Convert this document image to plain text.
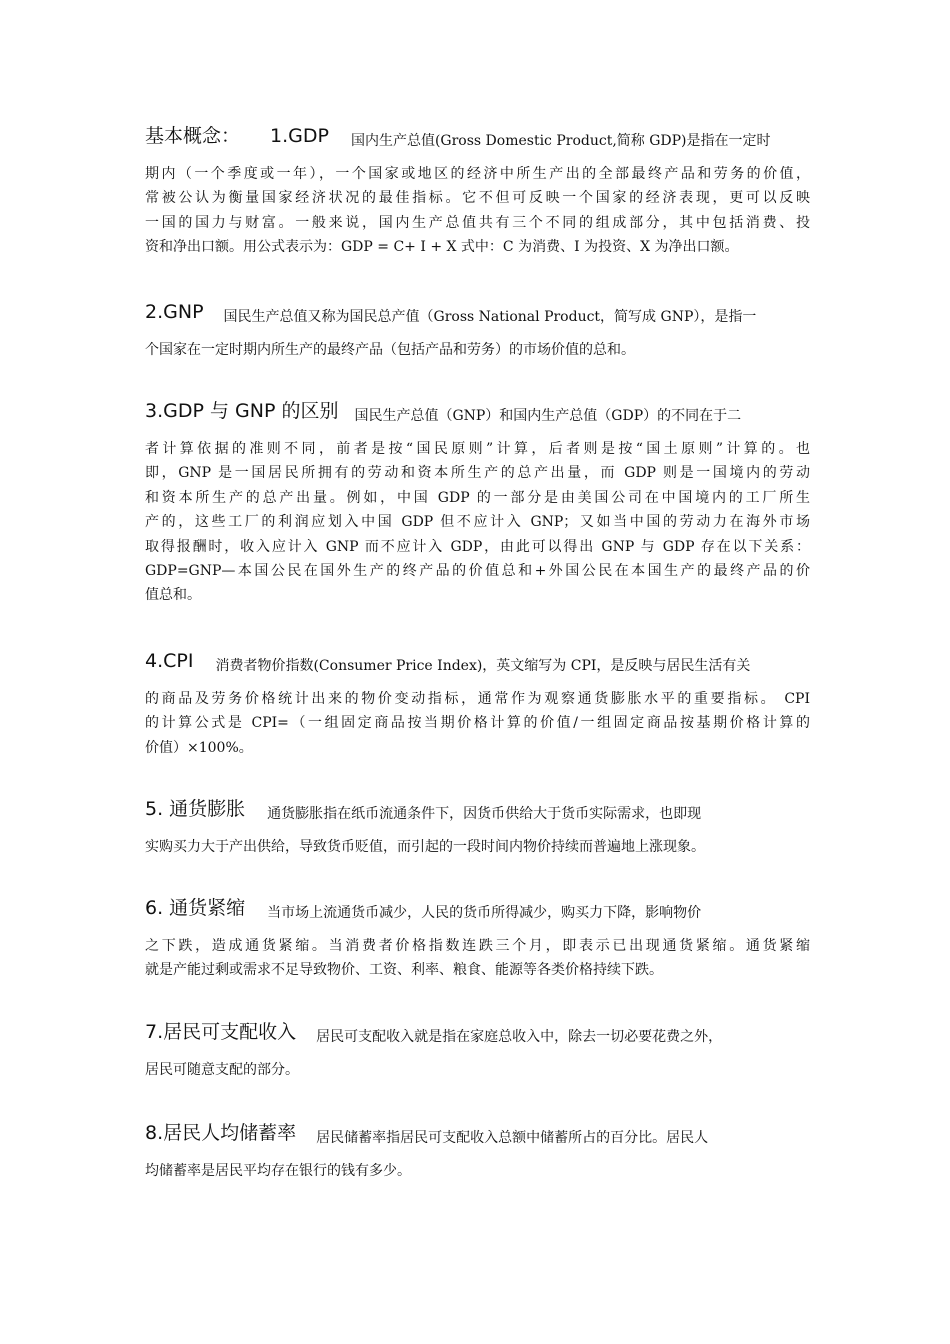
基本概念： 1.GDP 国内生产总值(Gross Domestic Product,简称 GDP)是指在一定时
期内（一个季度或一年），一个国家或地区的经济中所生产出的全部最终产品和劳务的价值，
常被公认为衡量国家经济状况的最佳指标。它不但可反映一个国家的经济表现，更可以反映
一国的国力与财富。一般来说，国内生产总值共有三个不同的组成部分，其中包括消费、投
资和净出口额。用公式表示为：GDP = C+ I + X 式中：C 为消费、I 为投资、X 为净出口额。
2.GNP 国民生产总值又称为国民总产值（Gross National Product，简写成 GNP），是指一
个国家在一定时期内所生产的最终产品（包括产品和劳务）的市场价值的总和。
3.GDP 与 GNP 的区别 国民生产总值（GNP）和国内生产总值（GDP）的不同在于二
者计算依据的准则不同，前者是按“国民原则”计算，后者则是按“国土原则”计算的。也
即，GNP 是一国居民所拥有的劳动和资本所生产的总产出量，而 GDP 则是一国境内的劳动
和资本所生产的总产出量。例如，中国 GDP 的一部分是由美国公司在中国境内的工厂所生
产的，这些工厂的利润应划入中国 GDP 但不应计入 GNP；又如当中国的劳动力在海外市场
取得报酬时，收入应计入 GNP 而不应计入 GDP，由此可以得出 GNP 与 GDP 存在以下关系：
GDP=GNP—本国公民在国外生产的终产品的价值总和+外国公民在本国生产的最终产品的价
值总和。
4.CPI 消费者物价指数(Consumer Price Index)，英文缩写为 CPI，是反映与居民生活有关
的商品及劳务价格统计出来的物价变动指标，通常作为观察通货膨胀水平的重要指标。 CPI
的计算公式是 CPI=（一组固定商品按当期价格计算的价值/一组固定商品按基期价格计算的
价值）×100%。
5. 通货膨胀 通货膨胀指在纸币流通条件下，因货币供给大于货币实际需求，也即现
实购买力大于产出供给，导致货币贬值，而引起的一段时间内物价持续而普遍地上涨现象。
6. 通货紧缩 当市场上流通货币减少，人民的货币所得减少，购买力下降，影响物价
之下跌，造成通货紧缩。当消费者价格指数连跌三个月，即表示已出现通货紧缩。通货紧缩
就是产能过剩或需求不足导致物价、工资、利率、粮食、能源等各类价格持续下跌。
7.居民可支配收入 居民可支配收入就是指在家庭总收入中，除去一切必要花费之外，
居民可随意支配的部分。
8.居民人均储蓄率 居民储蓄率指居民可支配收入总额中储蓄所占的百分比。居民人
均储蓄率是居民平均存在银行的钱有多少。
